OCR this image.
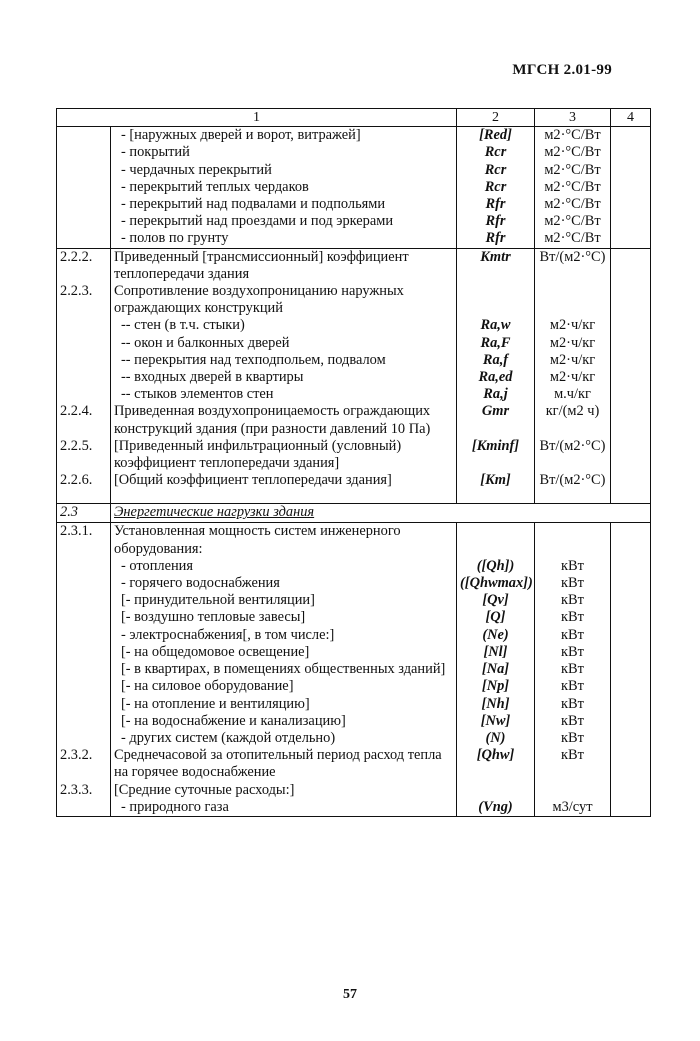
МГСН 2.01-99
1		2	3	4
	- [наружных дверей и ворот, витражей]	[Red]	м2·°С/Вт	
	- покрытий	Rcr	м2·°С/Вт	
	- чердачных перекрытий	Rcr	м2·°С/Вт	
	- перекрытий теплых чердаков	Rcr	м2·°С/Вт	
	- перекрытий над подвалами и подпольями	Rfr	м2·°С/Вт	
	- перекрытий над проездами и под эркерами	Rfr	м2·°С/Вт	
	- полов по грунту	Rfr	м2·°С/Вт	
2.2.2.	Приведенный [трансмиссионный] коэффициент теплопередачи здания	Kmtr	Вт/(м2·°С)	
2.2.3.	Сопротивление воздухопроницанию наружных ограждающих конструкций			
	-- стен (в т.ч. стыки)	Ra,w	м2·ч/кг	
	-- окон и балконных дверей	Ra,F	м2·ч/кг	
	-- перекрытия над техподпольем, подвалом	Ra,f	м2·ч/кг	
	-- входных дверей в квартиры	Ra,ed	м2·ч/кг	
	-- стыков элементов стен	Ra,j	м.ч/кг	
2.2.4.	Приведенная воздухопроницаемость ограждающих конструкций здания (при разности давлений 10 Па)	Gmr	кг/(м2 ч)	
2.2.5.	[Приведенный инфильтрационный (условный) коэффициент теплопередачи здания]	[Kminf]	Вт/(м2·°С)	
2.2.6.	[Общий коэффициент теплопередачи здания]	[Km]	Вт/(м2·°С)	

2.3	Энергетические нагрузки здания			
2.3.1.	Установленная мощность систем инженерного оборудования:			
	- отопления	([Qh])	кВт	
	- горячего водоснабжения	([Qhwmax])	кВт	
	[- принудительной вентиляции]	[Qv]	кВт	
	[- воздушно тепловые завесы]	[Q]	кВт	
	- электроснабжения[, в том числе:]	(Ne)	кВт	
	[- на общедомовое освещение]	[Nl]	кВт	
	[- в квартирах, в помещениях общественных зданий]	[Na]	кВт	
	[- на силовое оборудование]	[Np]	кВт	
	[- на отопление и вентиляцию]	[Nh]	кВт	
	[- на водоснабжение и канализацию]	[Nw]	кВт	
	- других систем (каждой отдельно)	(N)	кВт	
2.3.2.	Среднечасовой за отопительный период расход тепла на горячее водоснабжение	[Qhw]	кВт	
2.3.3.	[Средние суточные расходы:]			
	- природного газа	(Vng)	м3/сут	
57
